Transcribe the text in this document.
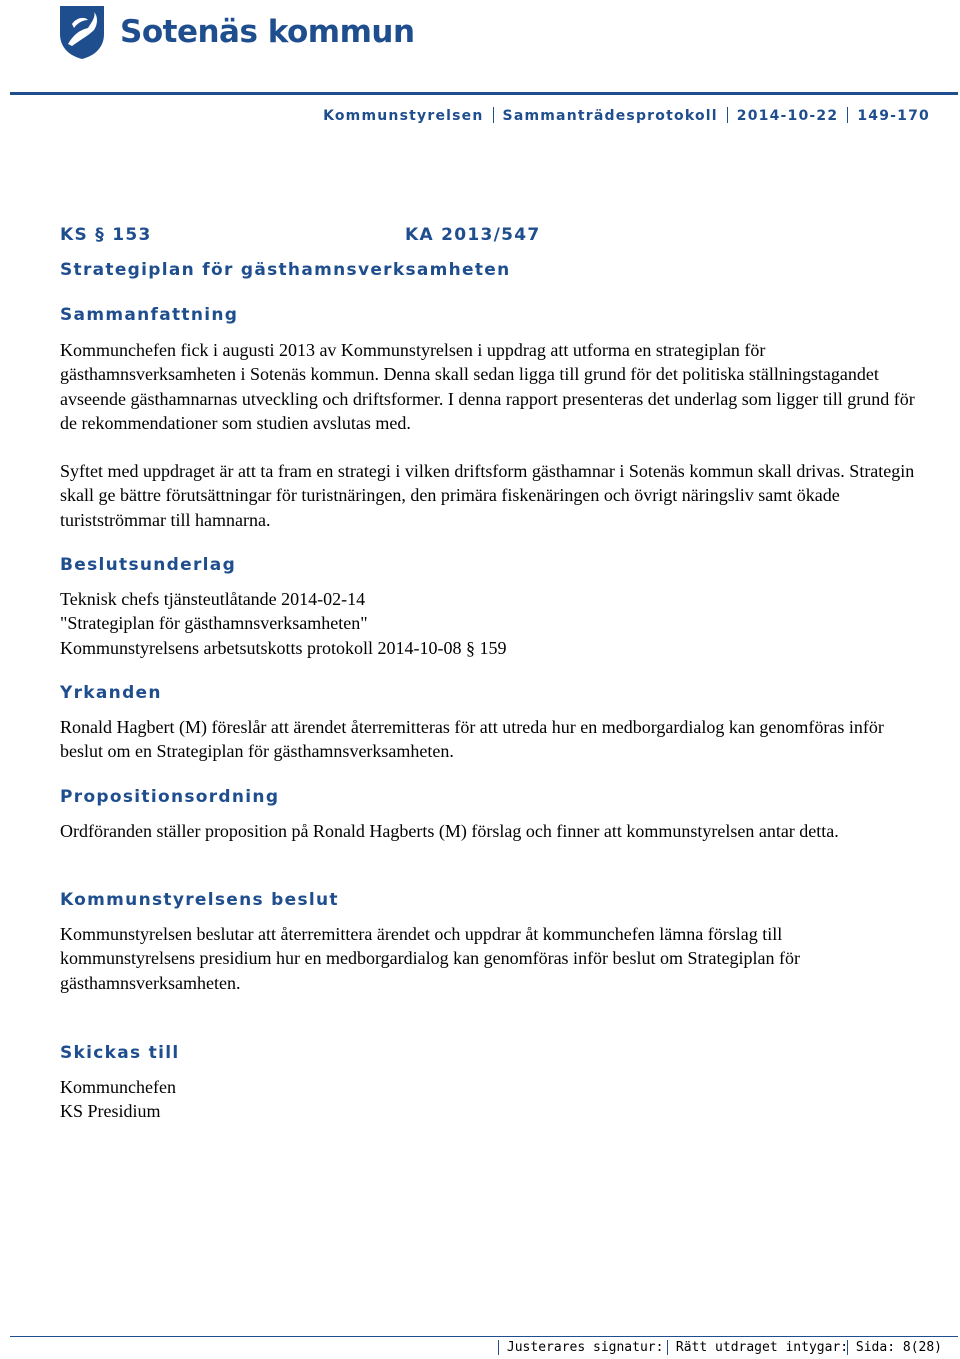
Sotenäs kommun
Kommunstyrelsen Sammanträdesprotokoll 2014-10-22 149-170
KS § 153	KA 2013/547
Strategiplan för gästhamnsverksamheten
Sammanfattning

Kommunchefen fick i augusti 2013 av Kommunstyrelsen i uppdrag att utforma en strategiplan för gästhamnsverksamheten i Sotenäs kommun. Denna skall sedan ligga till grund för det politiska ställningstagandet avseende gästhamnarnas utveckling och driftsformer. I denna rapport presenteras det underlag som ligger till grund för de rekommendationer som studien avslutas med.

Syftet med uppdraget är att ta fram en strategi i vilken driftsform gästhamnar i Sotenäs kommun skall drivas. Strategin skall ge bättre förutsättningar för turistnäringen, den primära fiskenäringen och övrigt näringsliv samt ökade turistströmmar till hamnarna.

Beslutsunderlag

Teknisk chefs tjänsteutlåtande 2014-02-14

"Strategiplan för gästhamnsverksamheten"

Kommunstyrelsens arbetsutskotts protokoll 2014-10-08 § 159

Yrkanden
Ronald Hagbert (M) föreslår att ärendet återremitteras för att utreda hur en medborgardialog kan genomföras inför beslut om en Strategiplan för gästhamnsverksamheten.
Propositionsordning
Ordföranden ställer proposition på Ronald Hagberts (M) förslag och finner att kommunstyrelsen antar detta.
Kommunstyrelsens beslut
Kommunstyrelsen beslutar att återremittera ärendet och uppdrar åt kommunchefen lämna förslag till kommunstyrelsens presidium hur en medborgardialog kan genomföras inför beslut om Strategiplan för gästhamnsverksamheten.
Skickas till

Kommunchefen

KS Presidium

Justerares signatur: Rätt utdraget intygar: Sida: 8(28)
